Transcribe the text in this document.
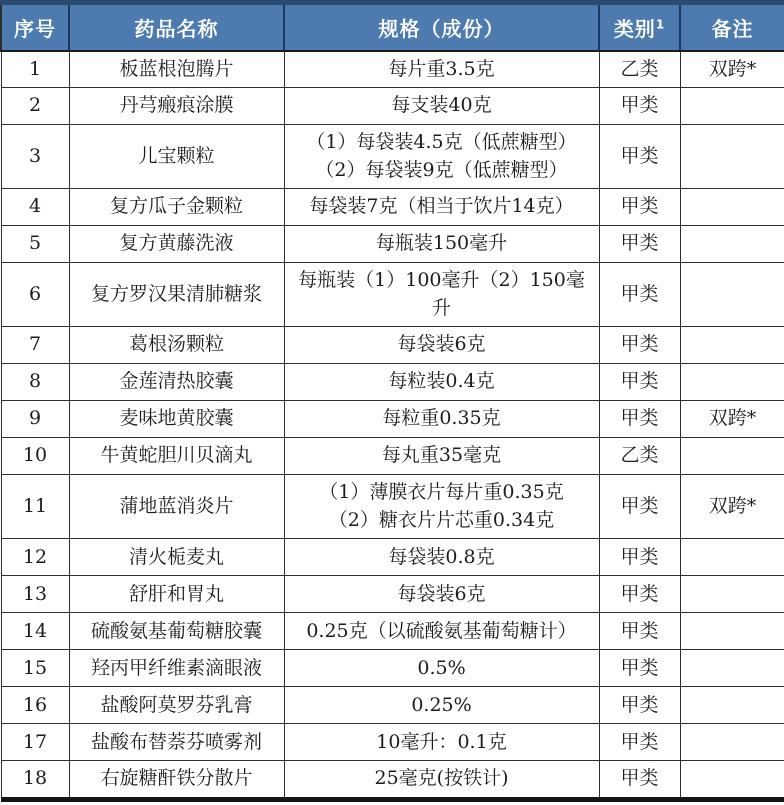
序号	药品名称	规格（成份）	类别$^1$	备注
1	板蓝根泡腾片	每片重3.5克	乙类	双跨*
2	丹芎瘢痕涂膜	每支装40克	甲类	
3	儿宝颗粒	（1）每袋装4.5克（低蔗糖型）
（2）每袋装9克（低蔗糖型）	甲类	
4	复方瓜子金颗粒	每袋装7克（相当于饮片14克）	甲类	
5	复方黄藤洗液	每瓶装150毫升	甲类	
6	复方罗汉果清肺糖浆	每瓶装（1）100毫升（2）150毫升	甲类	
7	葛根汤颗粒	每袋装6克	甲类	
8	金莲清热胶囊	每粒装0.4克	甲类	
9	麦味地黄胶囊	每粒重0.35克	甲类	双跨*
10	牛黄蛇胆川贝滴丸	每丸重35毫克	乙类	
11	蒲地蓝消炎片	（1）薄膜衣片每片重0.35克
（2）糖衣片片芯重0.34克	甲类	双跨*
12	清火栀麦丸	每袋装0.8克	甲类	
13	舒肝和胃丸	每袋装6克	甲类	
14	硫酸氨基葡萄糖胶囊	0.25克（以硫酸氨基葡萄糖计）	甲类	
15	羟丙甲纤维素滴眼液	0.5%	甲类	
16	盐酸阿莫罗芬乳膏	0.25%	甲类	
17	盐酸布替萘芬喷雾剂	10毫升：0.1克	甲类	
18	右旋糖酐铁分散片	25毫克(按铁计)	甲类	
